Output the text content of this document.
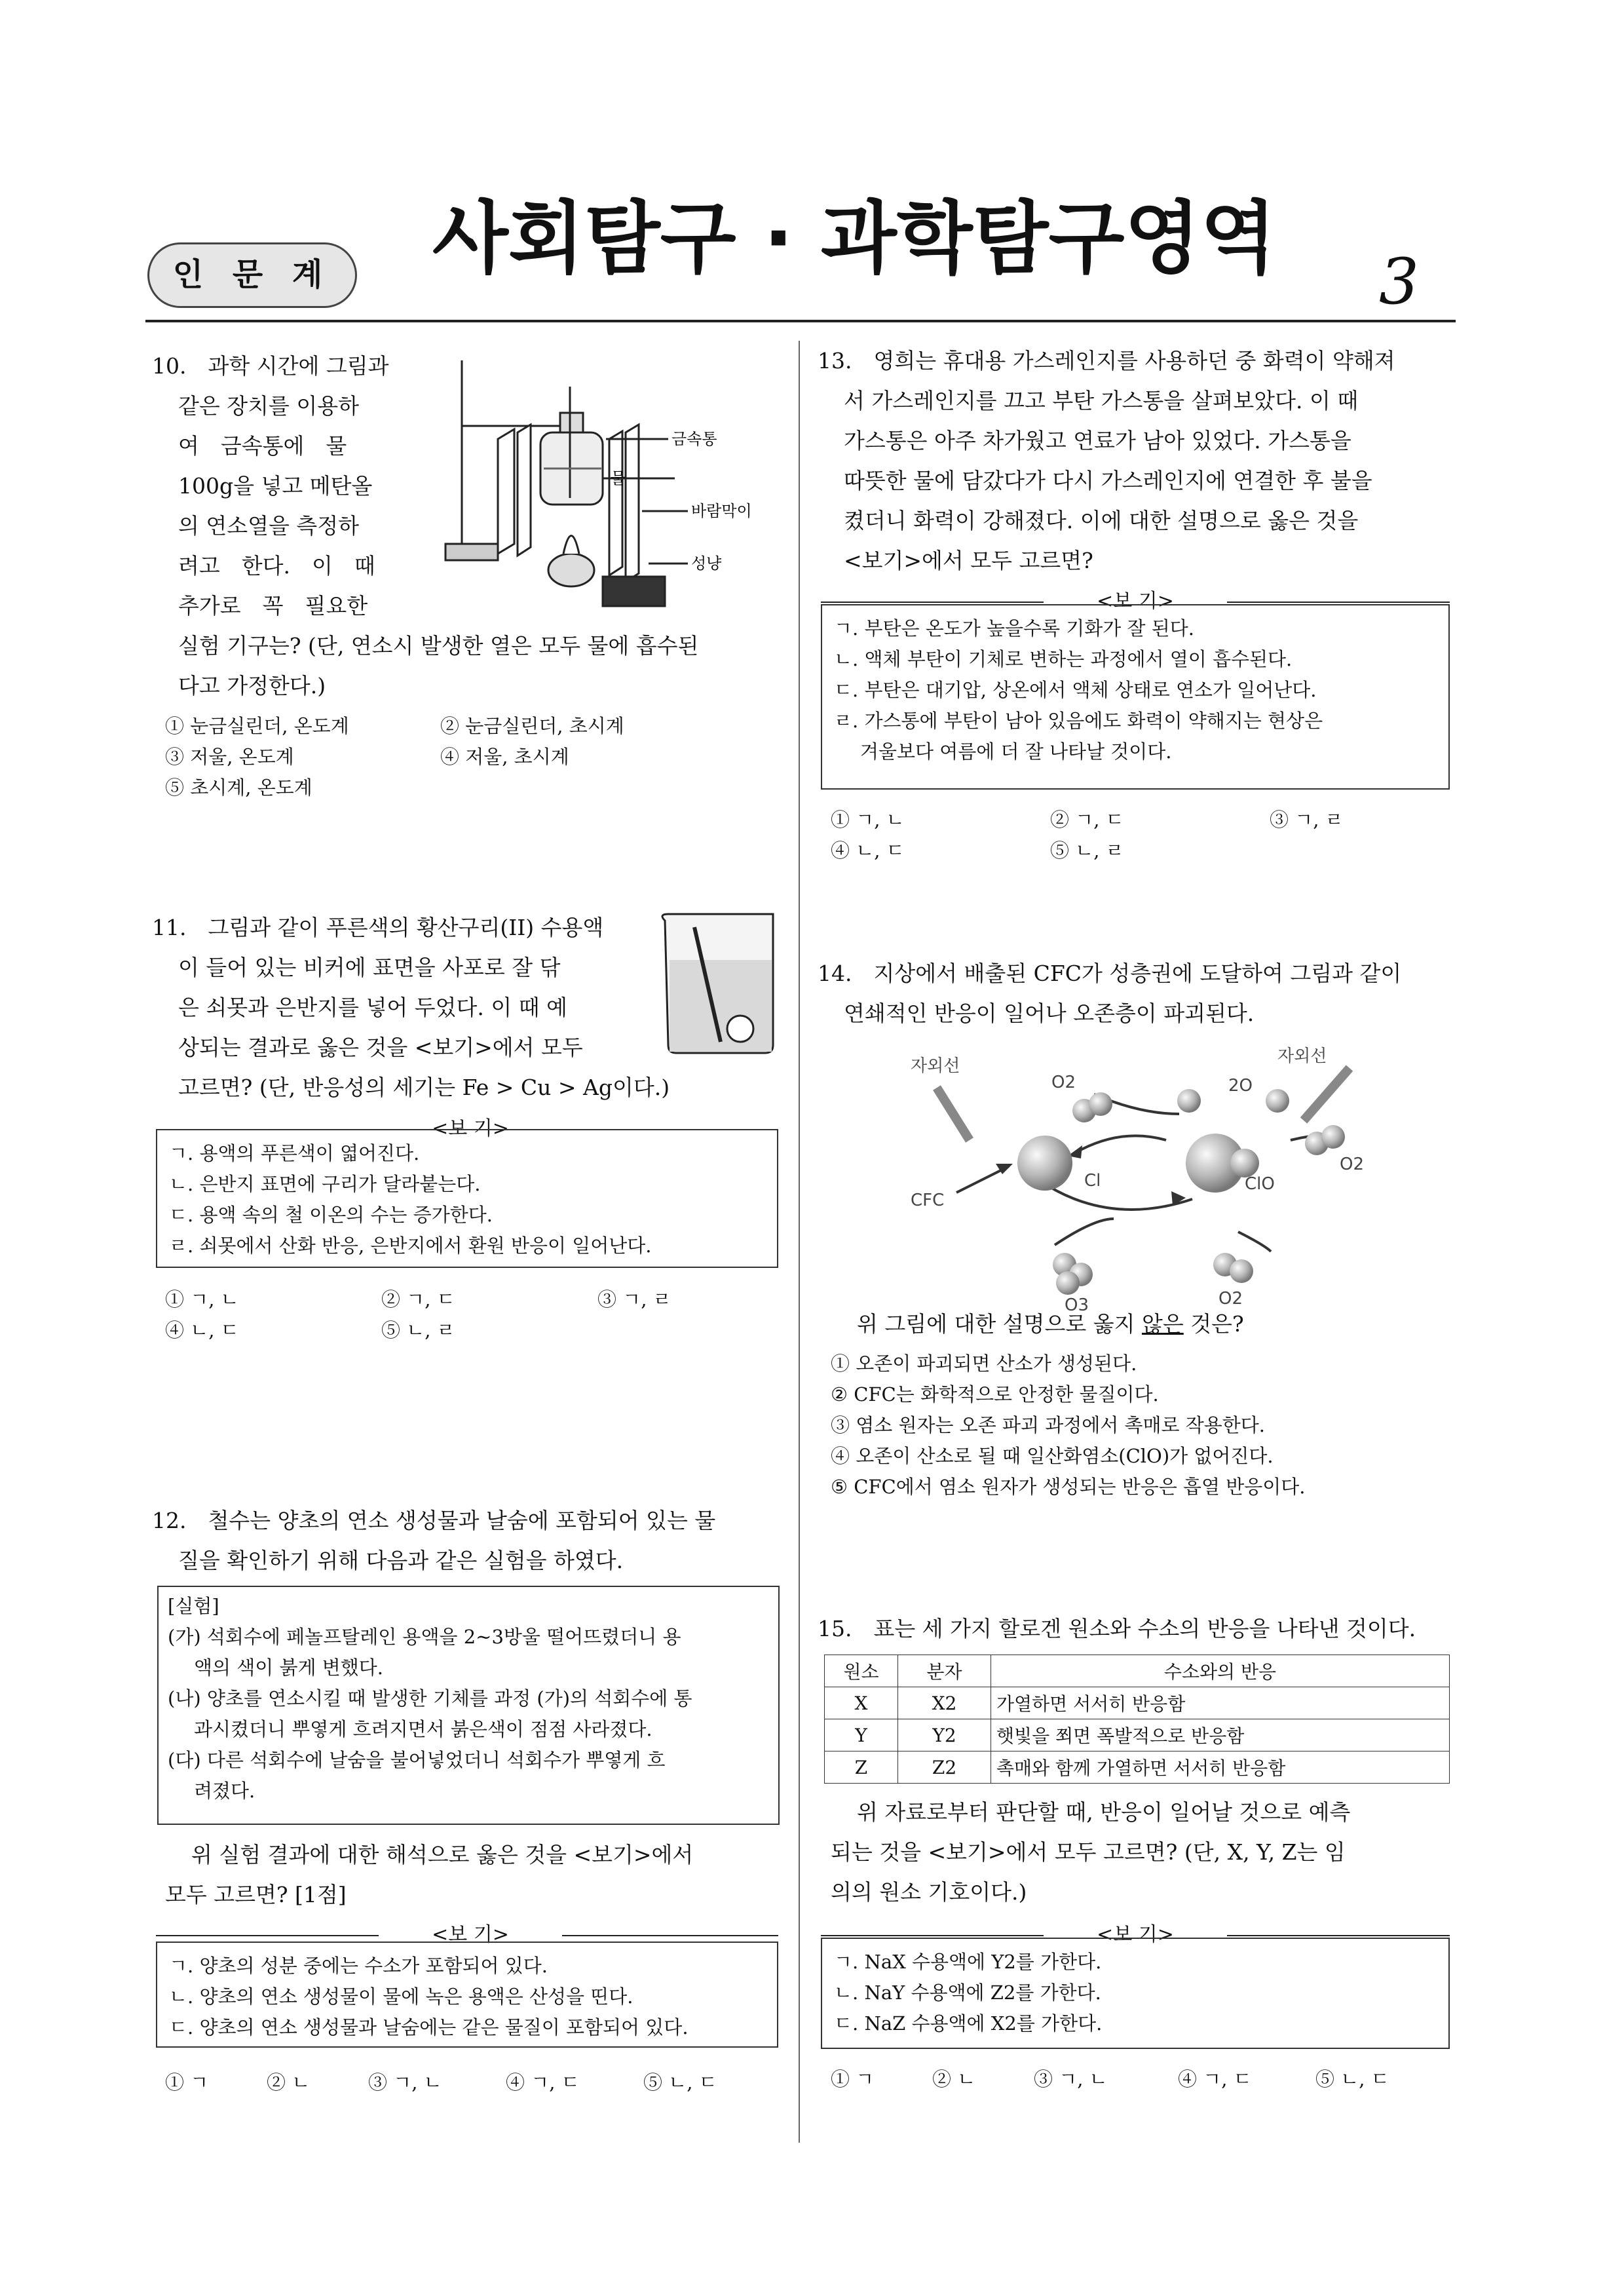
인 문 계	사회탐구 · 과학탐구영역	3
10.　과학 시간에 그림과
같은 장치를 이용하
여　금속통에　물
100g을 넣고 메탄올
의 연소열을 측정하
려고　한다.　이　때
추가로　꼭　필요한
실험 기구는? (단, 연소시 발생한 열은 모두 물에 흡수된
다고 가정한다.)
금속통
물
바람막이
성냥
① 눈금실린더, 온도계	② 눈금실린더, 초시계
③ 저울, 온도계	④ 저울, 초시계
⑤ 초시계, 온도계
11.　그림과 같이 푸른색의 황산구리(II) 수용액
이 들어 있는 비커에 표면을 사포로 잘 닦
은 쇠못과 은반지를 넣어 두었다. 이 때 예
상되는 결과로 옳은 것을 <보기>에서 모두
고르면? (단, 반응성의 세기는 Fe > Cu > Ag이다.)
<보 기>
ㄱ. 용액의 푸른색이 엷어진다.
ㄴ. 은반지 표면에 구리가 달라붙는다.
ㄷ. 용액 속의 철 이온의 수는 증가한다.
ㄹ. 쇠못에서 산화 반응, 은반지에서 환원 반응이 일어난다.
① ㄱ, ㄴ	② ㄱ, ㄷ	③ ㄱ, ㄹ
④ ㄴ, ㄷ	⑤ ㄴ, ㄹ
12.　철수는 양초의 연소 생성물과 날숨에 포함되어 있는 물
질을 확인하기 위해 다음과 같은 실험을 하였다.
[실험]
(가) 석회수에 페놀프탈레인 용액을 2~3방울 떨어뜨렸더니 용
액의 색이 붉게 변했다.
(나) 양초를 연소시킬 때 발생한 기체를 과정 (가)의 석회수에 통
과시켰더니 뿌옇게 흐려지면서 붉은색이 점점 사라졌다.
(다) 다른 석회수에 날숨을 불어넣었더니 석회수가 뿌옇게 흐
려졌다.
위 실험 결과에 대한 해석으로 옳은 것을 <보기>에서
모두 고르면? [1점]
<보 기>
ㄱ. 양초의 성분 중에는 수소가 포함되어 있다.
ㄴ. 양초의 연소 생성물이 물에 녹은 용액은 산성을 띤다.
ㄷ. 양초의 연소 생성물과 날숨에는 같은 물질이 포함되어 있다.
① ㄱ	② ㄴ	③ ㄱ, ㄴ	④ ㄱ, ㄷ	⑤ ㄴ, ㄷ
13.　영희는 휴대용 가스레인지를 사용하던 중 화력이 약해져
서 가스레인지를 끄고 부탄 가스통을 살펴보았다. 이 때
가스통은 아주 차가웠고 연료가 남아 있었다. 가스통을
따뜻한 물에 담갔다가 다시 가스레인지에 연결한 후 불을
켰더니 화력이 강해졌다. 이에 대한 설명으로 옳은 것을
<보기>에서 모두 고르면?
<보 기>
ㄱ. 부탄은 온도가 높을수록 기화가 잘 된다.
ㄴ. 액체 부탄이 기체로 변하는 과정에서 열이 흡수된다.
ㄷ. 부탄은 대기압, 상온에서 액체 상태로 연소가 일어난다.
ㄹ. 가스통에 부탄이 남아 있음에도 화력이 약해지는 현상은
겨울보다 여름에 더 잘 나타날 것이다.
① ㄱ, ㄴ	② ㄱ, ㄷ	③ ㄱ, ㄹ
④ ㄴ, ㄷ	⑤ ㄴ, ㄹ
14.　지상에서 배출된 CFC가 성층권에 도달하여 그림과 같이
연쇄적인 반응이 일어나 오존층이 파괴된다.
자외선	자외선
O2	2O
O2
Cl	ClO
CFC
O3	O2
위 그림에 대한 설명으로 옳지 않은 것은?
① 오존이 파괴되면 산소가 생성된다.
② CFC는 화학적으로 안정한 물질이다.
③ 염소 원자는 오존 파괴 과정에서 촉매로 작용한다.
④ 오존이 산소로 될 때 일산화염소(ClO)가 없어진다.
⑤ CFC에서 염소 원자가 생성되는 반응은 흡열 반응이다.
15.　표는 세 가지 할로겐 원소와 수소의 반응을 나타낸 것이다.
원소	분자	수소와의 반응
X	X2	가열하면 서서히 반응함
Y	Y2	햇빛을 쬐면 폭발적으로 반응함
Z	Z2	촉매와 함께 가열하면 서서히 반응함
위 자료로부터 판단할 때, 반응이 일어날 것으로 예측
되는 것을 <보기>에서 모두 고르면? (단, X, Y, Z는 임
의의 원소 기호이다.)
<보 기>
ㄱ. NaX 수용액에 Y2를 가한다.
ㄴ. NaY 수용액에 Z2를 가한다.
ㄷ. NaZ 수용액에 X2를 가한다.
① ㄱ	② ㄴ	③ ㄱ, ㄴ	④ ㄱ, ㄷ	⑤ ㄴ, ㄷ
